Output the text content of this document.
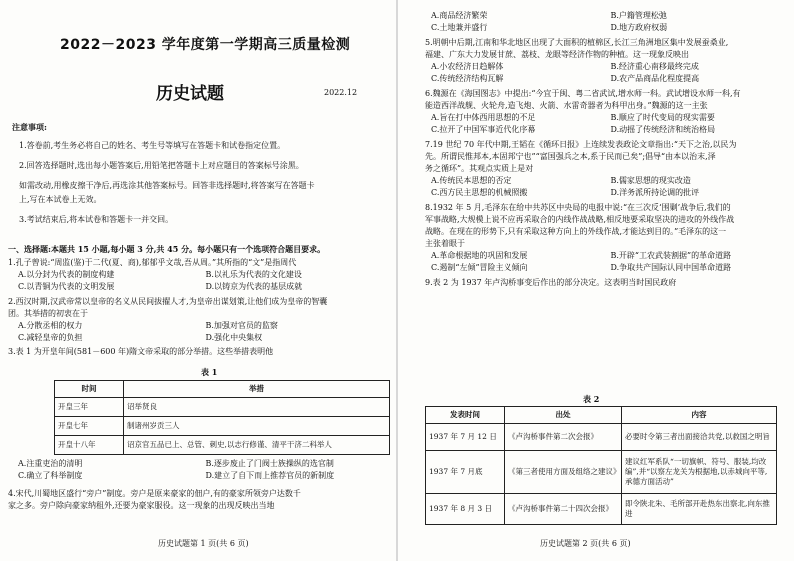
2022－2023 学年度第一学期高三质量检测
历史试题	2022.12

注意事项:

1.答卷前,考生务必将自己的姓名、考生号等填写在答题卡和试卷指定位置。

2.回答选择题时,选出每小题答案后,用铅笔把答题卡上对应题目的答案标号涂黑。

如需改动,用橡皮擦干净后,再选涂其他答案标号。回答非选择题时,将答案写在答题卡

上,写在本试卷上无效。

3.考试结束后,将本试卷和答题卡一并交回。

一、选择题:本题共 15 小题,每小题 3 分,共 45 分。每小题只有一个选项符合题目要求。

1.孔子曾说:“周监(鉴)于二代(夏、商),郁郁乎文哉,吾从周。”其所指的“文”是指周代

A.以分封为代表的制度构建	B.以礼乐为代表的文化建设

C.以青铜为代表的文明发展	D.以铸京为代表的基层成就

2.西汉时期,汉武帝常以皇帝的名义从民间拔擢人才,为皇帝出谋划策,让他们成为皇帝的智囊

团。其举措的初衷在于

A.分散丞相的权力	B.加强对官员的监察

C.减轻皇帝的负担	D.强化中央集权

3.表 1 为开皇年间(581－600 年)隋文帝采取的部分举措。这些举措表明他

表 1
时间	举措
开皇三年	诏举贤良
开皇七年	制诸州岁贡三人
开皇十八年	诏京官五品已上、总管、刺史,以志行修谨、清平干济二科举人

A.注重吏治的清明	B.逐步废止了门阀士族操纵的选官制

C.确立了科举制度	D.建立了自下而上推荐官员的新制度

4.宋代,川蜀地区盛行“旁户”制度。旁户是原来豪家的佃户,有的豪家所领旁户达数千

家之多。旁户除向豪家纳租外,还要为豪家服役。这一现象的出现反映出当地

历史试题第 1 页(共 6 页)

A.商品经济繁荣	B.户籍管理松弛

C.土地兼并盛行	D.地方政府权弱

5.明朝中后期,江南和华北地区出现了大面积的植棉区,长江三角洲地区集中发展蚕桑业,

福建、广东大力发展甘蔗、荔枝、龙眼等经济作物的种植。这一现象反映出

A.小农经济日趋解体	B.经济重心南移最终完成

C.传统经济结构瓦解	D.农产品商品化程度提高

6.魏源在《海国图志》中提出:“今宜于闽、粤二省武试,增水师一科。武试增设水师一科,有

能造西洋战舰、火轮舟,造飞炮、火箭、水雷奇器者为科甲出身。”魏源的这一主张

A.旨在打中体西用思想的不足	B.顺应了时代变局的现实需要

C.拉开了中国军事近代化序幕	D.动摇了传统经济和统治格局

7.19 世纪 70 年代中期,王韬在《循环日报》上连续发表政论文章指出:“天下之治,以民为

先。所谓民惟邦本,本固邦宁也”“富国强兵之本,系于民而已矣”;倡导“由本以治末,泽

务之循环”。其观点实质上是对

A.传统民本思想的否定	B.儒家思想的现实改造

C.西方民主思想的机械照搬	D.洋务派所持论调的批评

8.1932 年 5 月,毛泽东在给中共苏区中央局的电报中说:“在三次反‘围剿’战争后,我们的

军事战略,大规模上说不应再采取合的内线作战战略,相反地要采取坚决的进攻的外线作战

战略。在现在的形势下,只有采取这种方向上的外线作战,才能达到目的。”毛泽东的这一

主张着眼于

A.革命根据地的巩固和发展	B.开辟“工农武装割据”的革命道路

C.遏制“左倾”冒险主义倾向	D.争取共产国际认同中国革命道路

9.表 2 为 1937 年卢沟桥事变后作出的部分决定。这表明当时国民政府

表 2
发表时间	出处	内容
1937 年 7 月 12 日	《卢沟桥事件第二次会报》	必要时令第三者出面接洽共党,以救国之明旨
1937 年 7 月底	《第三者使用方面及组络之建议》	建议红军系队“一切旗帜、符号、服装,均改编”,并“以察左龙关为根据地,以赤城向平等,承德方面活动”
1937 年 8 月 3 日	《卢沟桥事件第二十四次会报》	即令陕北朱、毛所部开赴热东出察北,向东推进
历史试题第 2 页(共 6 页)
